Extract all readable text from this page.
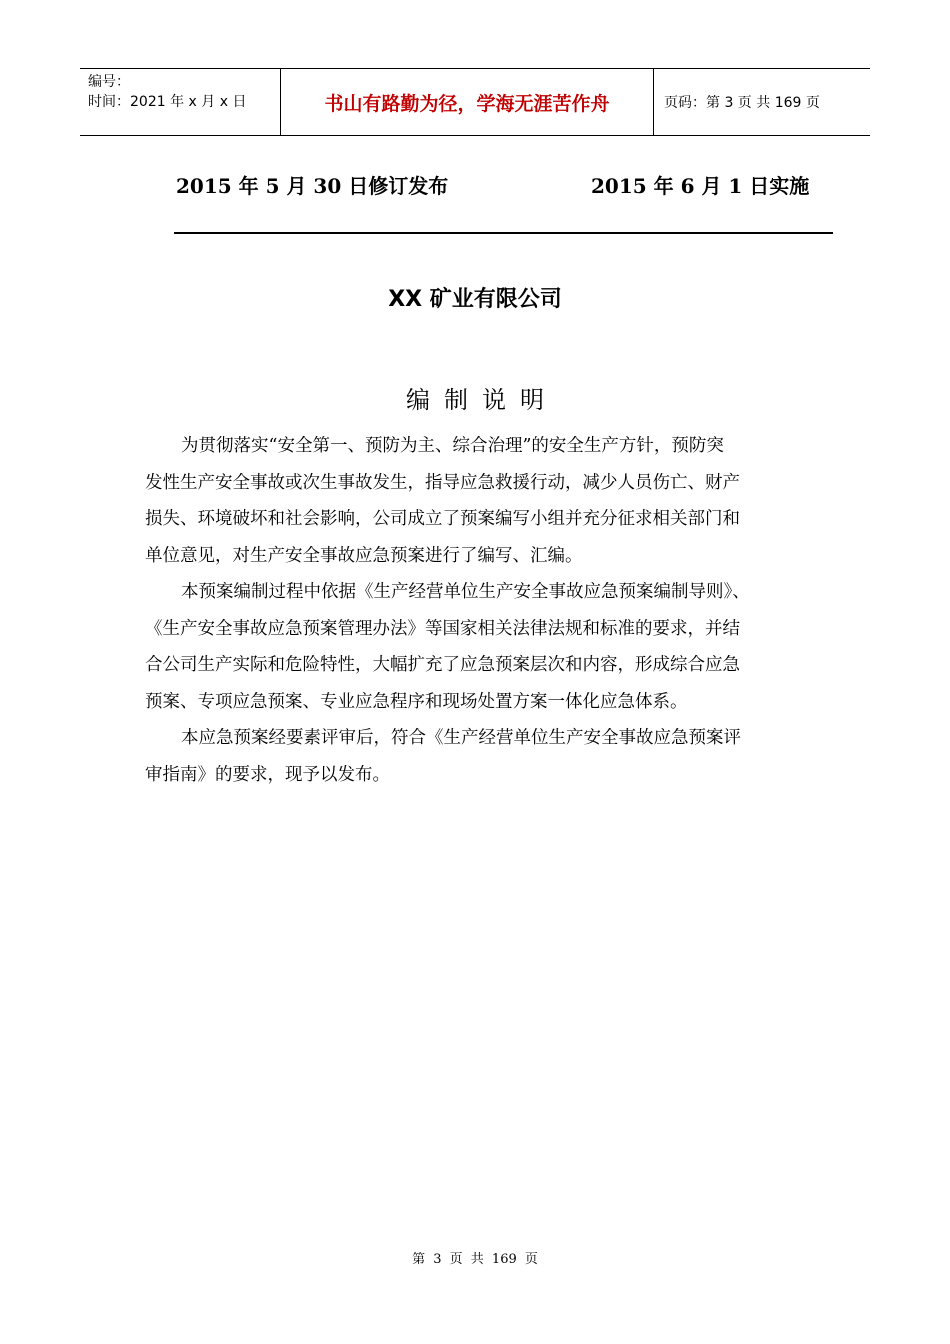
编号：
时间：2021 年 x 月 x 日	书山有路勤为径，学海无涯苦作舟	页码：第 3 页 共 169 页
2015 年 5 月 30 日修订发布	2015 年 6 月 1 日实施
XX 矿业有限公司
编制说明
为贯彻落实“安全第一、预防为主、综合治理”的安全生产方针，预防突
发性生产安全事故或次生事故发生，指导应急救援行动，减少人员伤亡、财产
损失、环境破坏和社会影响，公司成立了预案编写小组并充分征求相关部门和
单位意见，对生产安全事故应急预案进行了编写、汇编。
本预案编制过程中依据《生产经营单位生产安全事故应急预案编制导则》、
《生产安全事故应急预案管理办法》等国家相关法律法规和标准的要求，并结
合公司生产实际和危险特性，大幅扩充了应急预案层次和内容，形成综合应急
预案、专项应急预案、专业应急程序和现场处置方案一体化应急体系。
本应急预案经要素评审后，符合《生产经营单位生产安全事故应急预案评
审指南》的要求，现予以发布。
第 3 页 共 169 页
